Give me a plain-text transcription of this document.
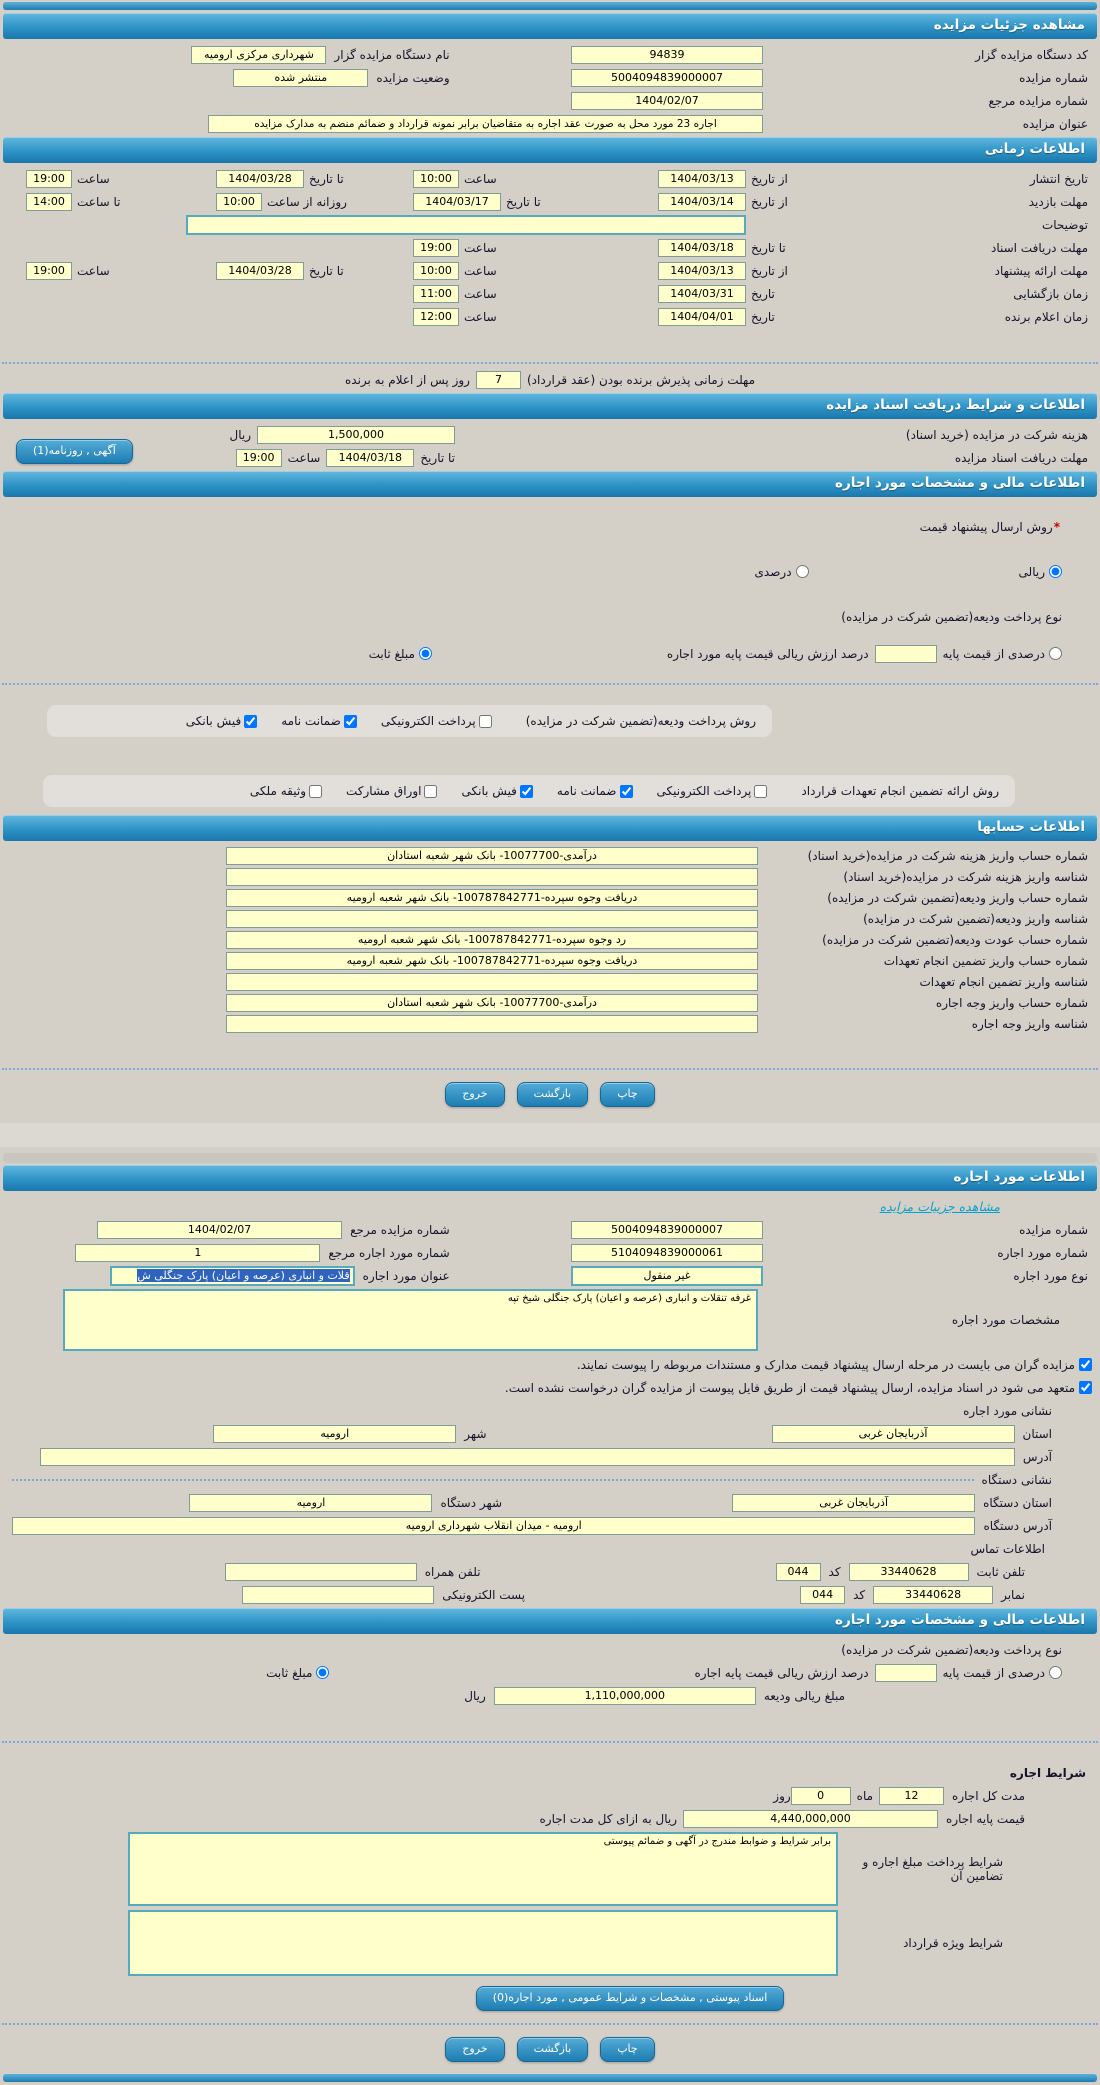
مشاهده جزئیات مزایده
کد دستگاه مزایده گزار
94839
نام دستگاه مزایده گزار
شهرداری مرکزی ارومیه
شماره مزایده
5004094839000007
وضعیت مزایده
منتشر شده
شماره مزایده مرجع
1404/02/07
عنوان مزایده
اجاره 23 مورد محل به صورت عقد اجاره به متقاضیان برابر نمونه قرارداد و ضمائم منضم به مدارک مزایده
اطلاعات زمانی
تاریخ انتشار
از تاریخ
1404/03/13
ساعت
10:00
تا تاریخ
1404/03/28
ساعت
19:00
مهلت بازدید
از تاریخ
1404/03/14
تا تاریخ
1404/03/17
روزانه از ساعت
10:00
تا ساعت
14:00
توضیحات
مهلت دریافت اسناد
تا تاریخ
1404/03/18
ساعت
19:00
مهلت ارائه پیشنهاد
از تاریخ
1404/03/13
ساعت
10:00
تا تاریخ
1404/03/28
ساعت
19:00
زمان بازگشایی
تاریخ
1404/03/31
ساعت
11:00
زمان اعلام برنده
تاریخ
1404/04/01
ساعت
12:00
مهلت زمانی پذیرش برنده بودن (عقد قرارداد)
7
روز پس از اعلام به برنده
اطلاعات و شرایط دریافت اسناد مزایده
هزینه شرکت در مزایده (خرید اسناد)
1,500,000
ریال
مهلت دریافت اسناد مزایده
تا تاریخ
1404/03/18
ساعت
19:00
آگهی , روزنامه(1)
اطلاعات مالی و مشخصات مورد اجاره
*
روش ارسال پیشنهاد قیمت
ریالی
درصدی
نوع پرداخت ودیعه(تضمین شرکت در مزایده)
درصدی از قیمت پایه
درصد ارزش ریالی قیمت پایه مورد اجاره
مبلغ ثابت
روش پرداخت ودیعه(تضمین شرکت در مزایده)
پرداخت الکترونیکی
ضمانت نامه
فیش بانکی
روش ارائه تضمین انجام تعهدات قرارداد
پرداخت الکترونیکی
ضمانت نامه
فیش بانکی
اوراق مشارکت
وثیقه ملکی
اطلاعات حسابها
شماره حساب واریز هزینه شرکت در مزایده(خرید اسناد)
درآمدی-10077700- بانک شهر شعبه استادان
شناسه واریز هزینه شرکت در مزایده(خرید اسناد)
شماره حساب واریز ودیعه(تضمین شرکت در مزایده)
دریافت وجوه سپرده-100787842771- بانک شهر شعبه ارومیه
شناسه واریز ودیعه(تضمین شرکت در مزایده)
شماره حساب عودت ودیعه(تضمین شرکت در مزایده)
رد وجوه سپرده-100787842771- بانک شهر شعبه ارومیه
شماره حساب واریز تضمین انجام تعهدات
دریافت وجوه سپرده-100787842771- بانک شهر شعبه ارومیه
شناسه واریز تضمین انجام تعهدات
شماره حساب واریز وجه اجاره
درآمدی-10077700- بانک شهر شعبه استادان
شناسه واریز وجه اجاره
چاپ
بازگشت
خروج
اطلاعات مورد اجاره
مشاهده جزییات مزایده
شماره مزایده
5004094839000007
شماره مزایده مرجع
1404/02/07
شماره مورد اجاره
5104094839000061
شماره مورد اجاره مرجع
1
نوع مورد اجاره
غیر منقول
عنوان مورد اجاره
قلات و انباری (عرصه و اعیان) پارک جنگلی ش
مشخصات مورد اجاره
غرفه تنقلات و انباری (عرصه و اعیان) پارک جنگلی شیخ تپه
مزایده گران می بایست در مرحله ارسال پیشنهاد قیمت مدارک و مستندات مربوطه را پیوست نمایند.
متعهد می شود در اسناد مزایده، ارسال پیشنهاد قیمت از طریق فایل پیوست از مزایده گران درخواست نشده است.
نشانی مورد اجاره
استان
آذربایجان غربی
شهر
ارومیه
آدرس
نشانی دستگاه
استان دستگاه
آذربایجان غربی
شهر دستگاه
ارومیه
آدرس دستگاه
ارومیه - میدان انقلاب شهرداری ارومیه
اطلاعات تماس
تلفن ثابت
33440628
کد
044
تلفن همراه
نمابر
33440628
کد
044
پست الکترونیکی
اطلاعات مالی و مشخصات مورد اجاره
نوع پرداخت ودیعه(تضمین شرکت در مزایده)
درصدی از قیمت پایه
درصد ارزش ریالی قیمت پایه اجاره
مبلغ ثابت
مبلغ ریالی ودیعه
1,110,000,000
ریال
شرایط اجاره
مدت کل اجاره
12
ماه
0
روز
قیمت پایه اجاره
4,440,000,000
ریال به ازای کل مدت اجاره
شرایط پرداخت مبلغ اجاره و تضامین آن
برابر شرایط و ضوابط مندرج در آگهی و ضمائم پیوستی
شرایط ویژه قرارداد
اسناد پیوستی , مشخصات و شرایط عمومی , مورد اجاره(0)
چاپ
بازگشت
خروج
